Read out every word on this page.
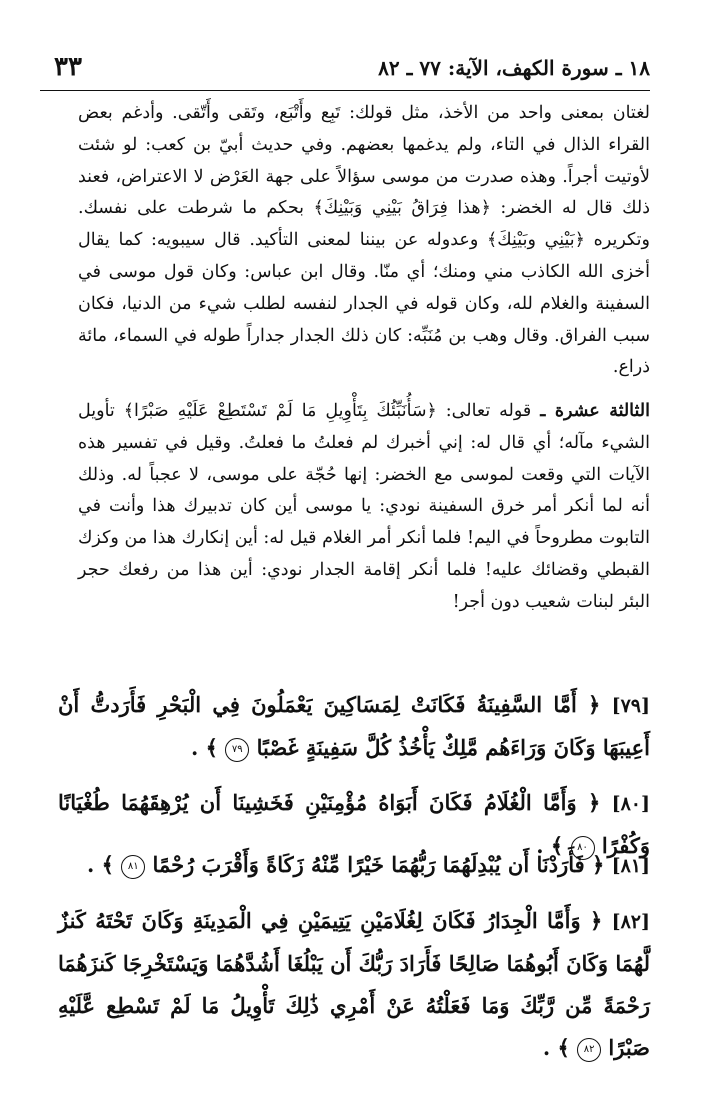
١٨ ـ سورة الكهف، الآية: ٧٧ ـ ٨٢
٣٣

لغتان بمعنى واحد من الأخذ، مثل قولك: تَبِع وأَتْبَع، وتَقى وأَتّقى. وأدغم بعض القراء الذال في التاء، ولم يدغمها بعضهم. وفي حديث أبيّ بن كعب: لو شئت لأوتيت أجراً. وهذه صدرت من موسى سؤالاً على جهة العَرْض لا الاعتراض، فعند ذلك قال له الخضر: ﴿هذا فِرَاقُ بَيْنِي وَبَيْنِكَ﴾ بحكم ما شرطت على نفسك. وتكريره ﴿بَيْنِي وبَيْنِكَ﴾ وعدوله عن بيننا لمعنى التأكيد. قال سيبويه: كما يقال أخزى الله الكاذب مني ومنك؛ أي منّا. وقال ابن عباس: وكان قول موسى في السفينة والغلام لله، وكان قوله في الجدار لنفسه لطلب شيء من الدنيا، فكان سبب الفراق. وقال وهب بن مُنَبِّه: كان ذلك الجدار جداراً طوله في السماء، مائة ذراع.

الثالثة عشرة ـ قوله تعالى: ﴿سَأُنَبِّئُكَ بِتَأْوِيلِ مَا لَمْ تَسْتَطِعْ عَلَيْهِ صَبْرًا﴾ تأويل الشيء مآله؛ أي قال له: إني أخبرك لم فعلتُ ما فعلتُ. وقيل في تفسير هذه الآيات التي وقعت لموسى مع الخضر: إنها حُجّة على موسى، لا عجباً له. وذلك أنه لما أنكر أمر خرق السفينة نودي: يا موسى أين كان تدبيرك هذا وأنت في التابوت مطروحاً في اليم! فلما أنكر أمر الغلام قيل له: أين إنكارك هذا من وكزك القبطي وقضائك عليه! فلما أنكر إقامة الجدار نودي: أين هذا من رفعك حجر البئر لبنات شعيب دون أجر!

[٧٩] ﴿ أَمَّا السَّفِينَةُ فَكَانَتْ لِمَسَاكِينَ يَعْمَلُونَ فِي الْبَحْرِ فَأَرَدتُّ أَنْ أَعِيبَهَا وَكَانَ وَرَاءَهُم مَّلِكٌ يَأْخُذُ كُلَّ سَفِينَةٍ غَصْبًا ٧٩ ﴾ .

[٨٠] ﴿ وَأَمَّا الْغُلَامُ فَكَانَ أَبَوَاهُ مُؤْمِنَيْنِ فَخَشِينَا أَن يُرْهِقَهُمَا طُغْيَانًا وَكُفْرًا ٨٠ ﴾ .

[٨١] ﴿ فَأَرَدْنَا أَن يُبْدِلَهُمَا رَبُّهُمَا خَيْرًا مِّنْهُ زَكَاةً وَأَقْرَبَ رُحْمًا ٨١ ﴾ .

[٨٢] ﴿ وَأَمَّا الْجِدَارُ فَكَانَ لِغُلَامَيْنِ يَتِيمَيْنِ فِي الْمَدِينَةِ وَكَانَ تَحْتَهُ كَنزٌ لَّهُمَا وَكَانَ أَبُوهُمَا صَالِحًا فَأَرَادَ رَبُّكَ أَن يَبْلُغَا أَشُدَّهُمَا وَيَسْتَخْرِجَا كَنزَهُمَا رَحْمَةً مِّن رَّبِّكَ وَمَا فَعَلْتُهُ عَنْ أَمْرِي ذَٰلِكَ تَأْوِيلُ مَا لَمْ تَسْطِع عَّلَيْهِ صَبْرًا ٨٢ ﴾ .
